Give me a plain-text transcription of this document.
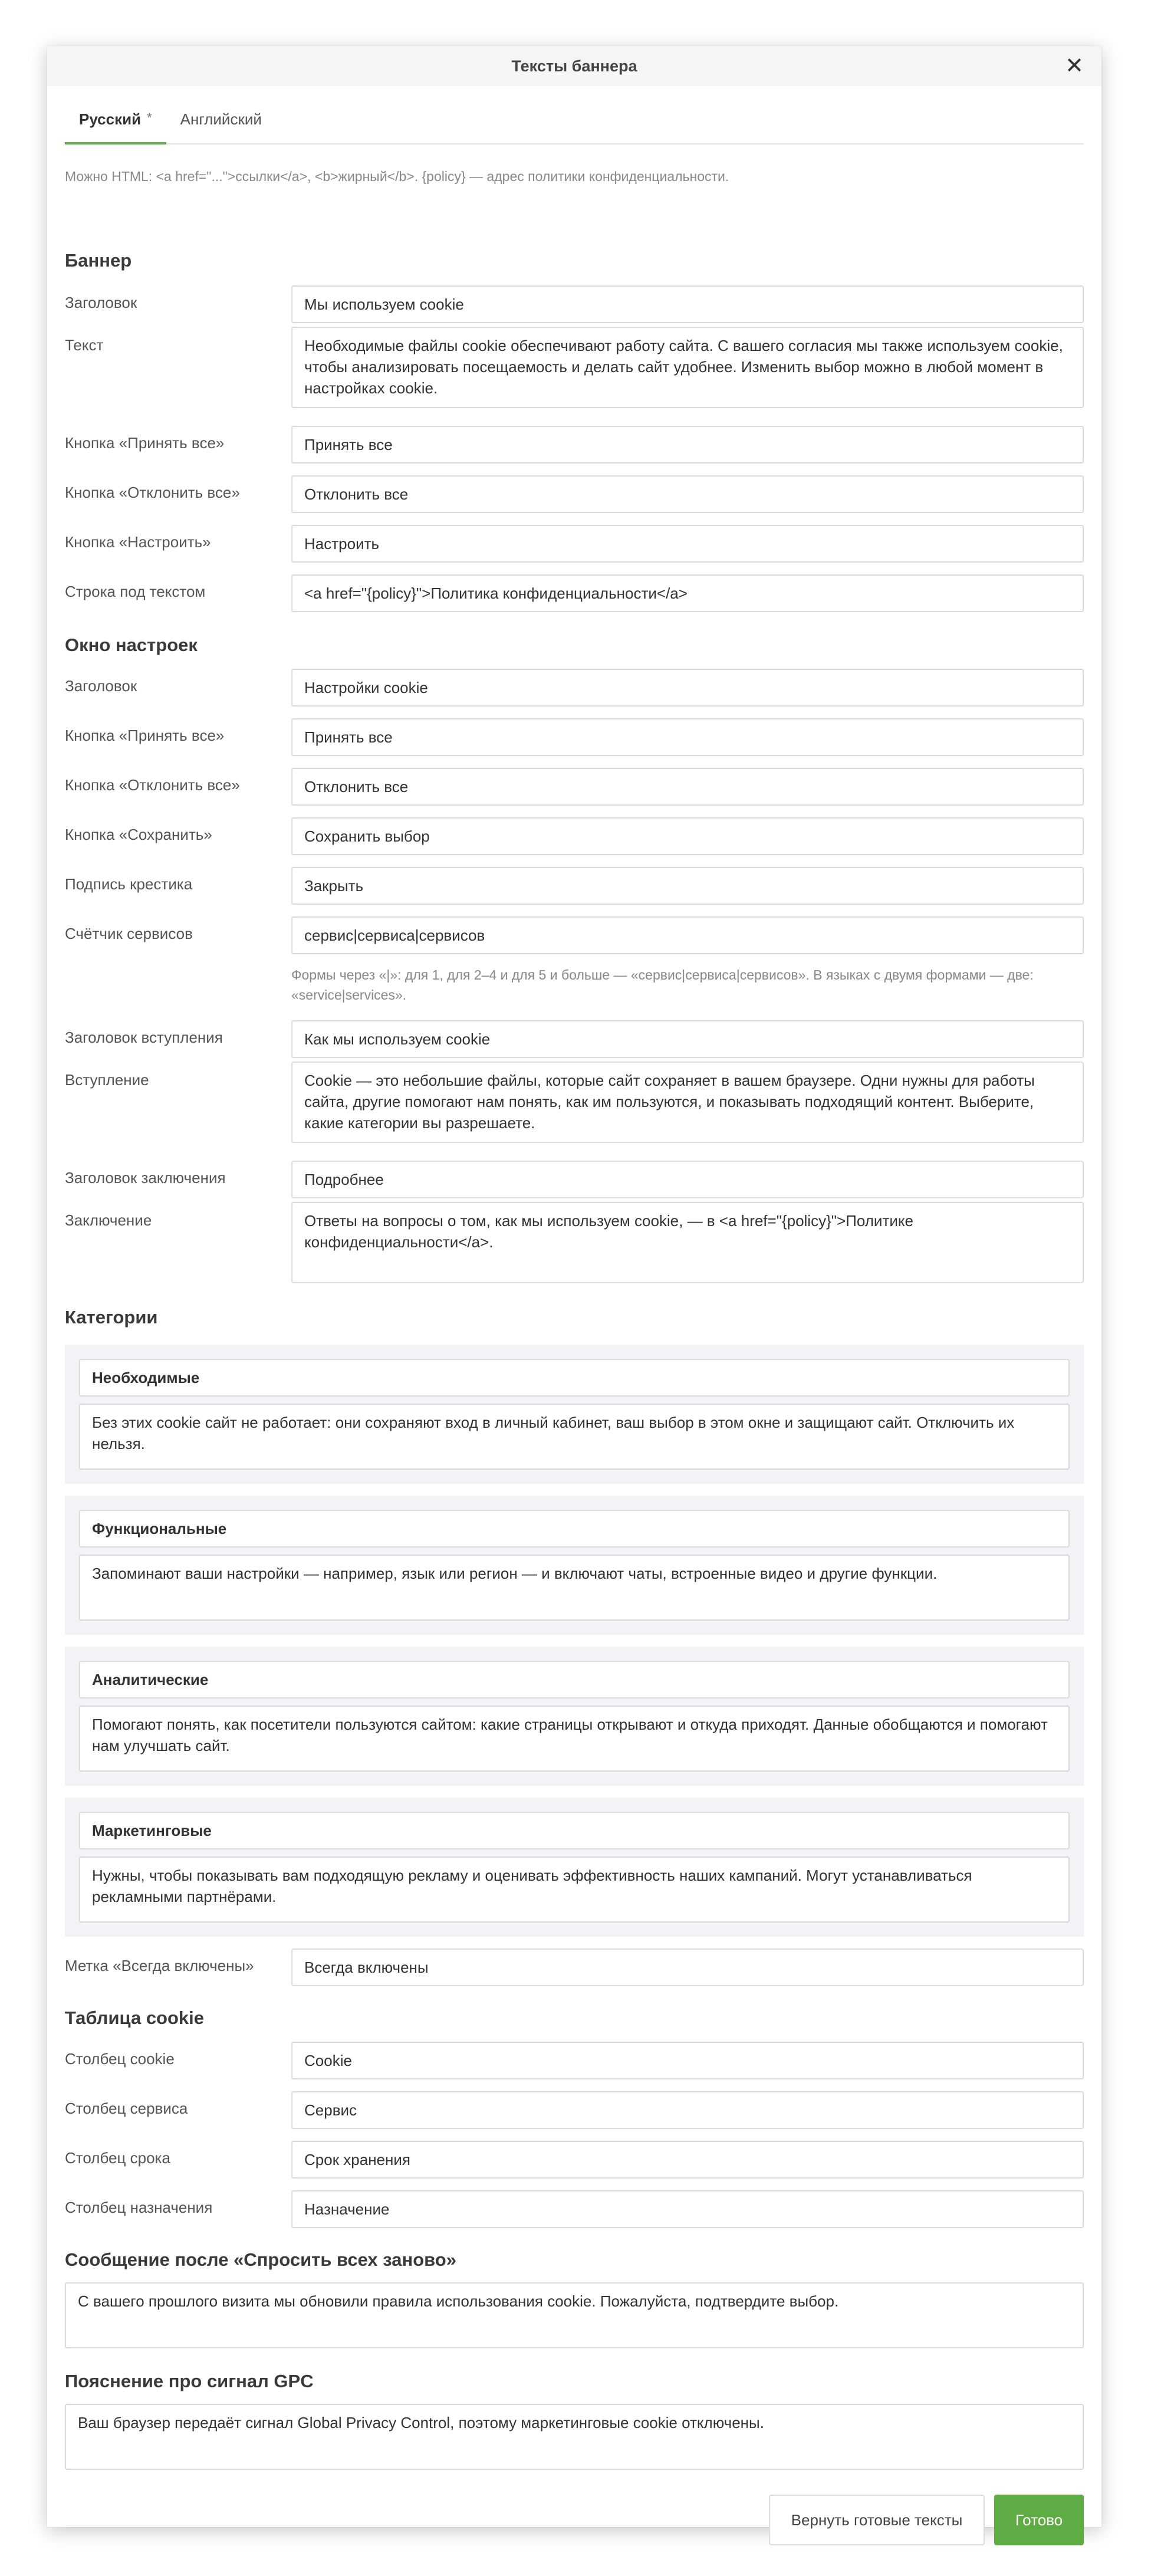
Тексты баннера	✕
Русский * Английский
Можно HTML: <a href="...">ссылки</a>, <b>жирный</b>. {policy} — адрес политики конфиденциальности.
Баннер
Заголовок	Мы используем cookie
Текст	Необходимые файлы cookie обеспечивают работу сайта. С вашего согласия мы также используем cookie, чтобы анализировать посещаемость и делать сайт удобнее. Изменить выбор можно в любой момент в настройках cookie.
Кнопка «Принять все»	Принять все
Кнопка «Отклонить все»	Отклонить все
Кнопка «Настроить»	Настроить
Строка под текстом	<a href="{policy}">Политика конфиденциальности</a>
Окно настроек
Заголовок	Настройки cookie
Кнопка «Принять все»	Принять все
Кнопка «Отклонить все»	Отклонить все
Кнопка «Сохранить»	Сохранить выбор
Подпись крестика	Закрыть
Счётчик сервисов	сервис|сервиса|сервисов
Формы через «|»: для 1, для 2–4 и для 5 и больше — «сервис|сервиса|сервисов». В языках с двумя формами — две: «service|services».
Заголовок вступления	Как мы используем cookie
Вступление	Cookie — это небольшие файлы, которые сайт сохраняет в вашем браузере. Одни нужны для работы сайта, другие помогают нам понять, как им пользуются, и показывать подходящий контент. Выберите, какие категории вы разрешаете.
Заголовок заключения	Подробнее
Заключение	Ответы на вопросы о том, как мы используем cookie, — в <a href="{policy}">Политике конфиденциальности</a>.
Категории
Необходимые
Без этих cookie сайт не работает: они сохраняют вход в личный кабинет, ваш выбор в этом окне и защищают сайт. Отключить их нельзя.
Функциональные
Запоминают ваши настройки — например, язык или регион — и включают чаты, встроенные видео и другие функции.
Аналитические
Помогают понять, как посетители пользуются сайтом: какие страницы открывают и откуда приходят. Данные обобщаются и помогают нам улучшать сайт.
Маркетинговые
Нужны, чтобы показывать вам подходящую рекламу и оценивать эффективность наших кампаний. Могут устанавливаться рекламными партнёрами.
Метка «Всегда включены»	Всегда включены
Таблица cookie
Столбец cookie	Cookie
Столбец сервиса	Сервис
Столбец срока	Срок хранения
Столбец назначения	Назначение
Сообщение после «Спросить всех заново»
С вашего прошлого визита мы обновили правила использования cookie. Пожалуйста, подтвердите выбор.
Пояснение про сигнал GPC
Ваш браузер передаёт сигнал Global Privacy Control, поэтому маркетинговые cookie отключены.
Вернуть готовые тексты	Готово
